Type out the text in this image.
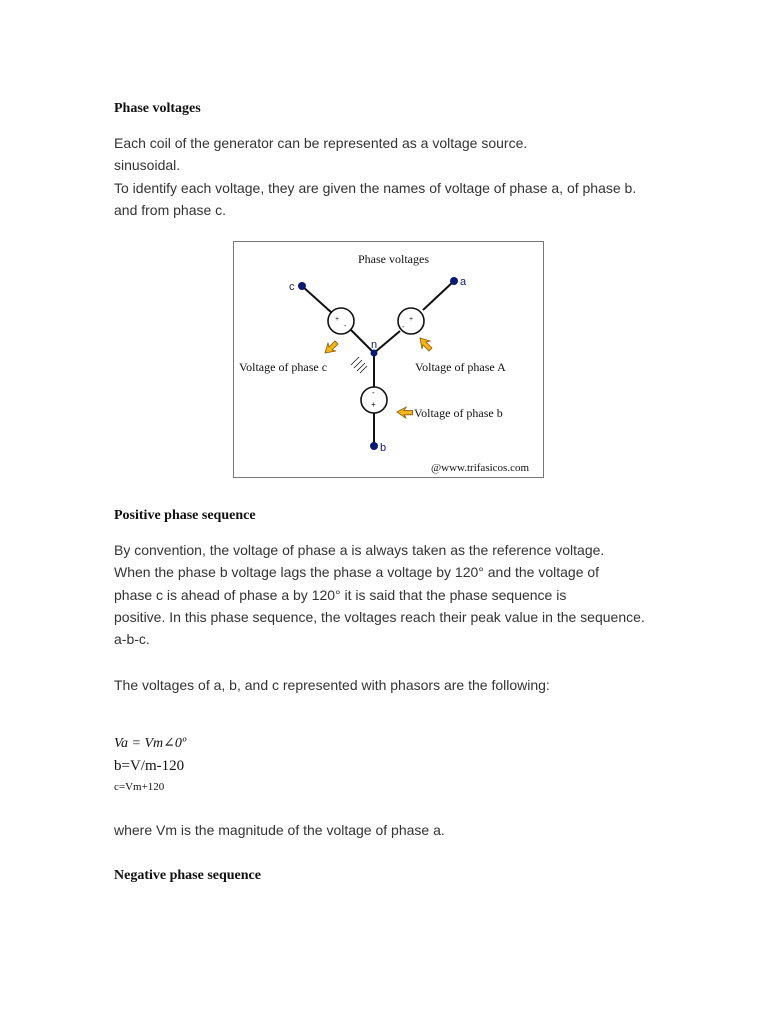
Phase voltages
Each coil of the generator can be represented as a voltage source.
sinusoidal.
To identify each voltage, they are given the names of voltage of phase a, of phase b.
and from phase c.
Phase voltages
+
-
+
-
-
+
c	a
n
b
Voltage of phase c	Voltage of phase A
Voltage of phase b
@www.trifasicos.com
Positive phase sequence
By convention, the voltage of phase a is always taken as the reference voltage.
When the phase b voltage lags the phase a voltage by 120° and the voltage of
phase c is ahead of phase a by 120° it is said that the phase sequence is
positive. In this phase sequence, the voltages reach their peak value in the sequence.
a-b-c.
The voltages of a, b, and c represented with phasors are the following:
Va = Vm∠0º
b=V/m-120
c=Vm+120
where Vm is the magnitude of the voltage of phase a.
Negative phase sequence
